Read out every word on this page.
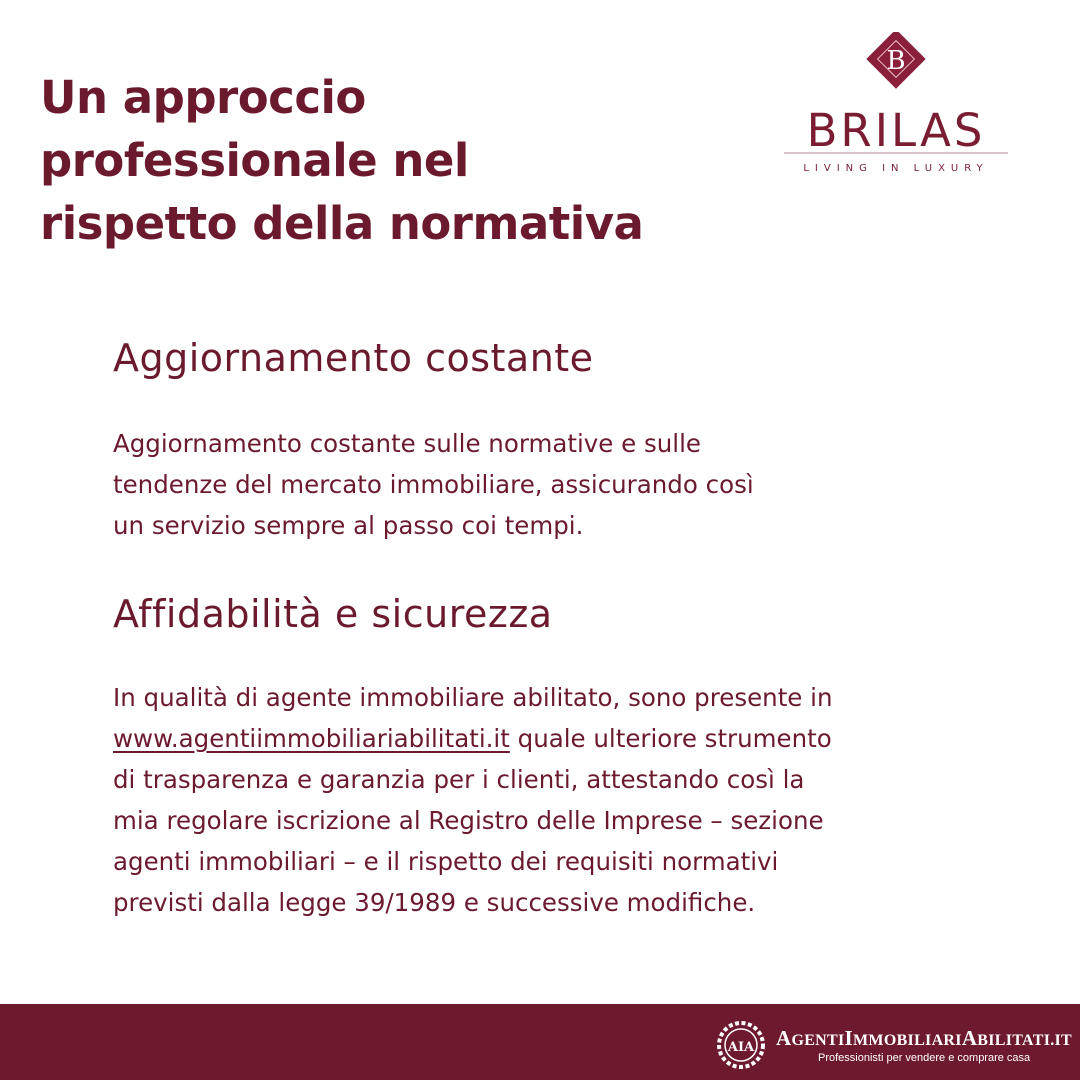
Un approccio
professionale nel
rispetto della normativa
B
BRILAS
LIVING IN LUXURY
Aggiornamento costante

Aggiornamento costante sulle normative e sulle
tendenze del mercato immobiliare, assicurando così
un servizio sempre al passo coi tempi.

Affidabilità e sicurezza

In qualità di agente immobiliare abilitato, sono presente in
www.agentiimmobiliariabilitati.it quale ulteriore strumento
di trasparenza e garanzia per i clienti, attestando così la
mia regolare iscrizione al Registro delle Imprese – sezione
agenti immobiliari – e il rispetto dei requisiti normativi
previsti dalla legge 39/1989 e successive modifiche.

AIA AGENTIIMMOBILIARIABILITATI.IT
Professionisti per vendere e comprare casa
